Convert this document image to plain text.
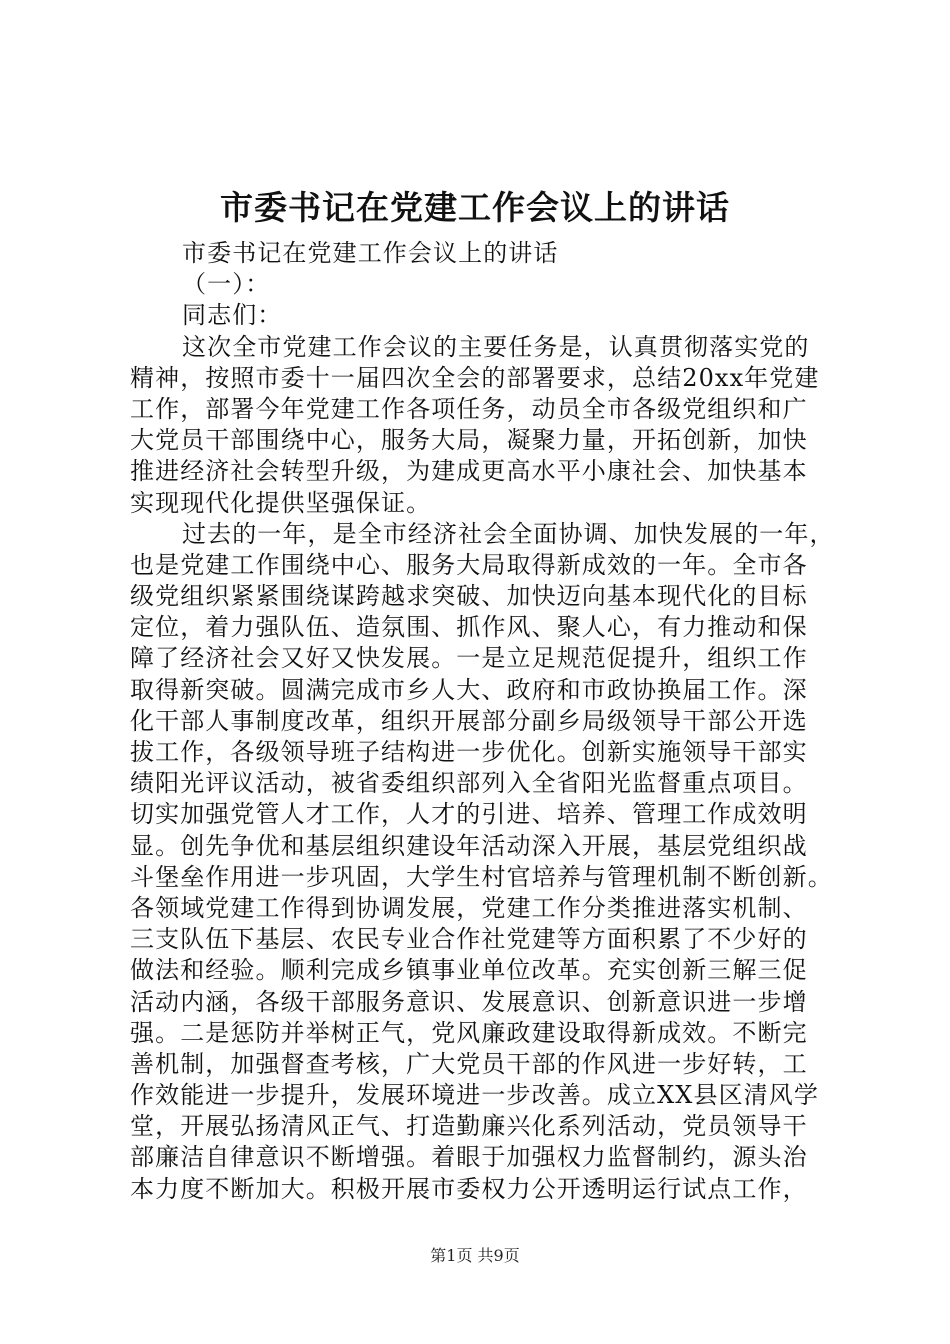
市委书记在党建工作会议上的讲话
市委书记在党建工作会议上的讲话
（一）：
同志们：
这次全市党建工作会议的主要任务是，认真贯彻落实党的
精神，按照市委十一届四次全会的部署要求，总结20xx年党建
工作，部署今年党建工作各项任务，动员全市各级党组织和广
大党员干部围绕中心，服务大局，凝聚力量，开拓创新，加快
推进经济社会转型升级，为建成更高水平小康社会、加快基本
实现现代化提供坚强保证。
过去的一年，是全市经济社会全面协调、加快发展的一年，
也是党建工作围绕中心、服务大局取得新成效的一年。全市各
级党组织紧紧围绕谋跨越求突破、加快迈向基本现代化的目标
定位，着力强队伍、造氛围、抓作风、聚人心，有力推动和保
障了经济社会又好又快发展。一是立足规范促提升，组织工作
取得新突破。圆满完成市乡人大、政府和市政协换届工作。深
化干部人事制度改革，组织开展部分副乡局级领导干部公开选
拔工作，各级领导班子结构进一步优化。创新实施领导干部实
绩阳光评议活动，被省委组织部列入全省阳光监督重点项目。
切实加强党管人才工作，人才的引进、培养、管理工作成效明
显。创先争优和基层组织建设年活动深入开展，基层党组织战
斗堡垒作用进一步巩固，大学生村官培养与管理机制不断创新。
各领域党建工作得到协调发展，党建工作分类推进落实机制、
三支队伍下基层、农民专业合作社党建等方面积累了不少好的
做法和经验。顺利完成乡镇事业单位改革。充实创新三解三促
活动内涵，各级干部服务意识、发展意识、创新意识进一步增
强。二是惩防并举树正气，党风廉政建设取得新成效。不断完
善机制，加强督查考核，广大党员干部的作风进一步好转，工
作效能进一步提升，发展环境进一步改善。成立XX县区清风学
堂，开展弘扬清风正气、打造勤廉兴化系列活动，党员领导干
部廉洁自律意识不断增强。着眼于加强权力监督制约，源头治
本力度不断加大。积极开展市委权力公开透明运行试点工作，
第1页 共9页
